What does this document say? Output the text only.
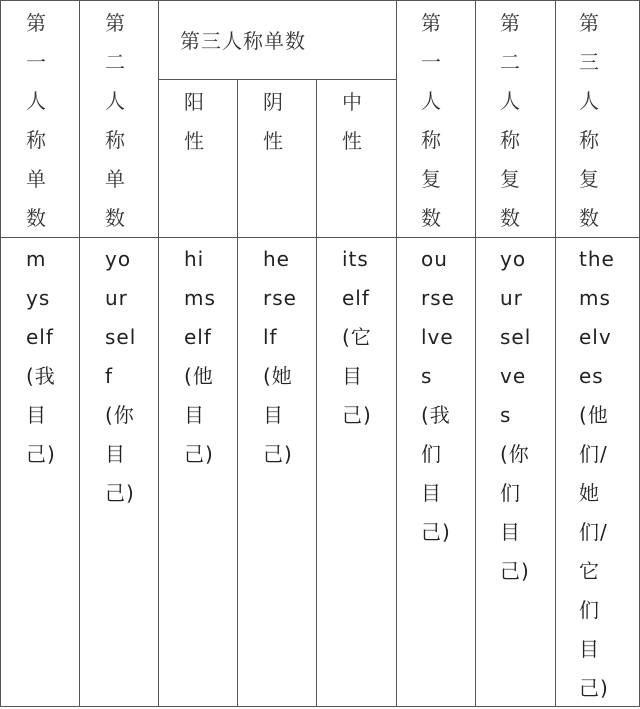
第三人称单数
第
一
人
称
单
数
第
二
人
称
单
数
阳
性
阴
性
中
性
第
一
人
称
复
数
第
二
人
称
复
数
第
三
人
称
复
数
m
ys
elf
(我
目
己)
yo
ur
sel
f
(你
目
己)
hi
ms
elf
(他
目
己)
he
rse
lf
(她
目
己)
its
elf
(它
目
己)
ou
rse
lve
s
(我
们
目
己)
yo
ur
sel
ve
s
(你
们
目
己)
the
ms
elv
es
(他
们/
她
们/
它
们
目
己)
